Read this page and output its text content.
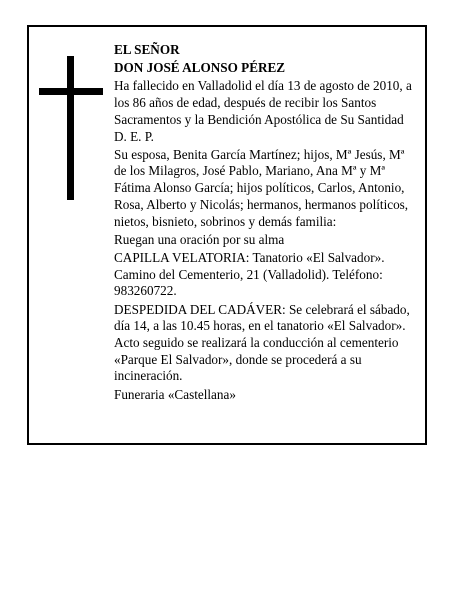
EL SEÑOR

DON JOSÉ ALONSO PÉREZ

Ha fallecido en Valladolid el día 13 de agosto de 2010, a los 86 años de edad, después de recibir los Santos Sacramentos y la Bendición Apostólica de Su Santidad D. E. P.

Su esposa, Benita García Martínez; hijos, Mª Jesús, Mª de los Milagros, José Pablo, Mariano, Ana Mª y Mª Fátima Alonso García; hijos políticos, Carlos, Antonio, Rosa, Alberto y Nicolás; hermanos, hermanos políticos, nietos, bisnieto, sobrinos y demás familia:

Ruegan una oración por su alma

CAPILLA VELATORIA: Tanatorio «El Salvador». Camino del Cementerio, 21 (Valladolid). Teléfono: 983260722.

DESPEDIDA DEL CADÁVER: Se celebrará el sábado, día 14, a las 10.45 horas, en el tanatorio «El Salvador». Acto seguido se realizará la conducción al cementerio «Parque El Salvador», donde se procederá a su incineración.

Funeraria «Castellana»
